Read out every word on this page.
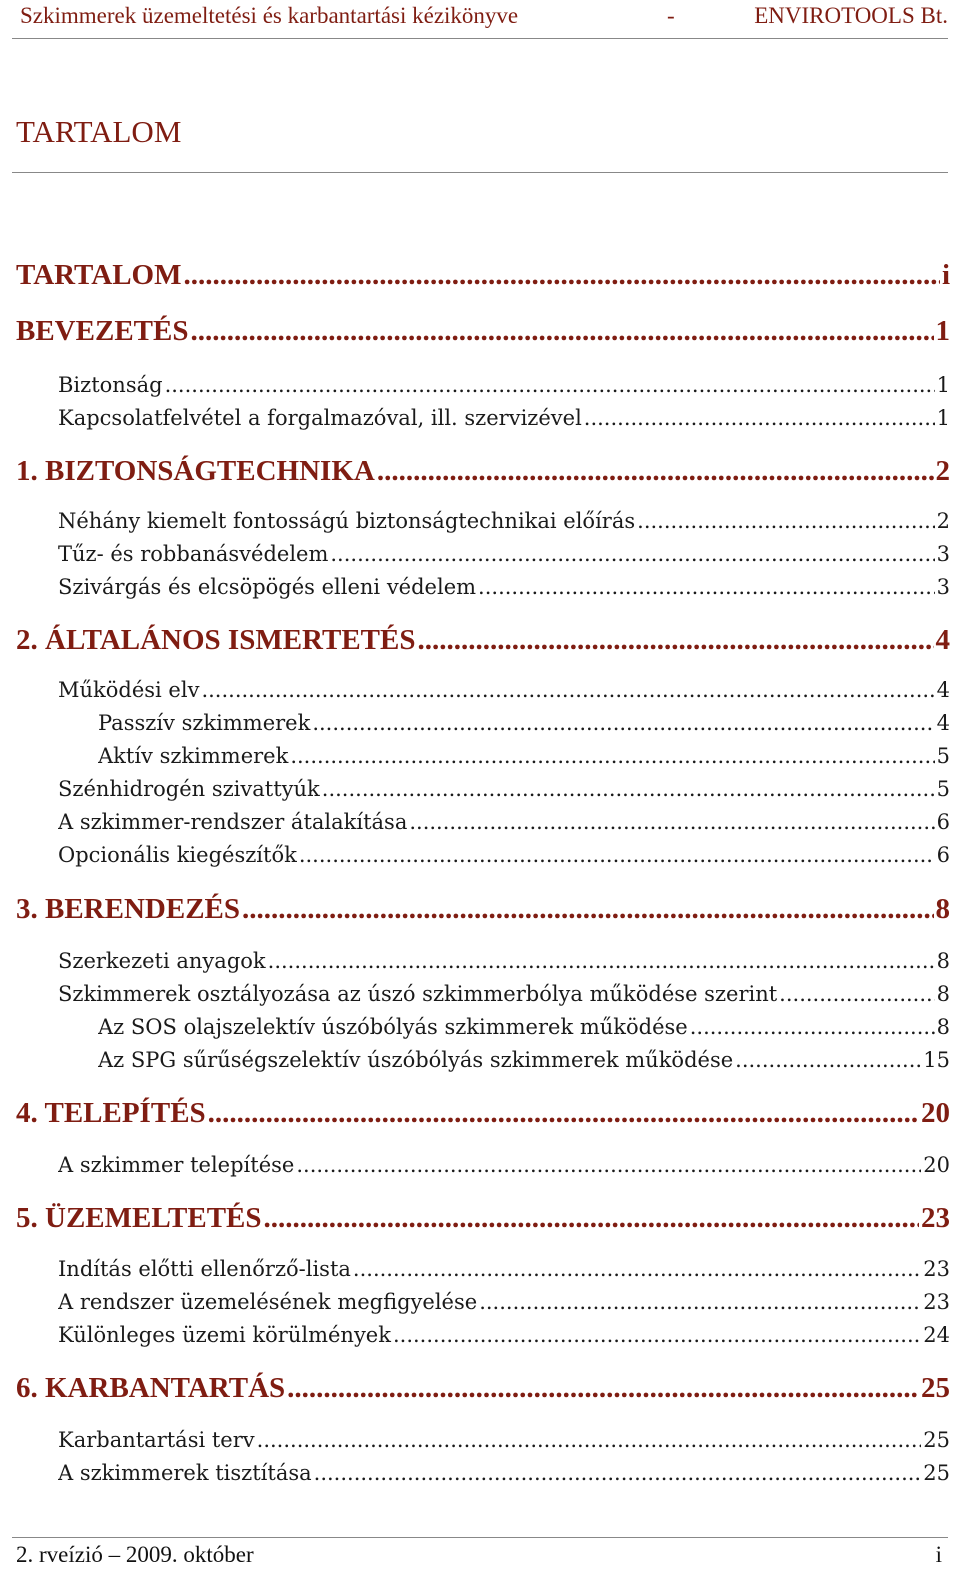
Szkimmerek üzemeltetési és karbantartási kézikönyve	-	ENVIROTOOLS Bt.
TARTALOM
TARTALOM .....	i
BEVEZETÉS .....	1
Biztonság .....	1
Kapcsolatfelvétel a forgalmazóval, ill. szervizével .....	1
1. BIZTONSÁGTECHNIKA .....	2
Néhány kiemelt fontosságú biztonságtechnikai előírás .....	2
Tűz- és robbanásvédelem .....	3
Szivárgás és elcsöpögés elleni védelem .....	3
2. ÁLTALÁNOS ISMERTETÉS .....	4
Működési elv .....	4
Passzív szkimmerek .....	4
Aktív szkimmerek .....	5
Szénhidrogén szivattyúk .....	5
A szkimmer-rendszer átalakítása .....	6
Opcionális kiegészítők .....	6
3. BERENDEZÉS .....	8
Szerkezeti anyagok .....	8
Szkimmerek osztályozása az úszó szkimmerbólya működése szerint .....	8
Az SOS olajszelektív úszóbólyás szkimmerek működése .....	8
Az SPG sűrűségszelektív úszóbólyás szkimmerek működése .....	15
4. TELEPÍTÉS .....	20
A szkimmer telepítése .....	20
5. ÜZEMELTETÉS .....	23
Indítás előtti ellenőrző-lista .....	23
A rendszer üzemelésének megfigyelése .....	23
Különleges üzemi körülmények .....	24
6. KARBANTARTÁS .....	25
Karbantartási terv .....	25
A szkimmerek tisztítása .....	25
2. rveízió – 2009. október	i
